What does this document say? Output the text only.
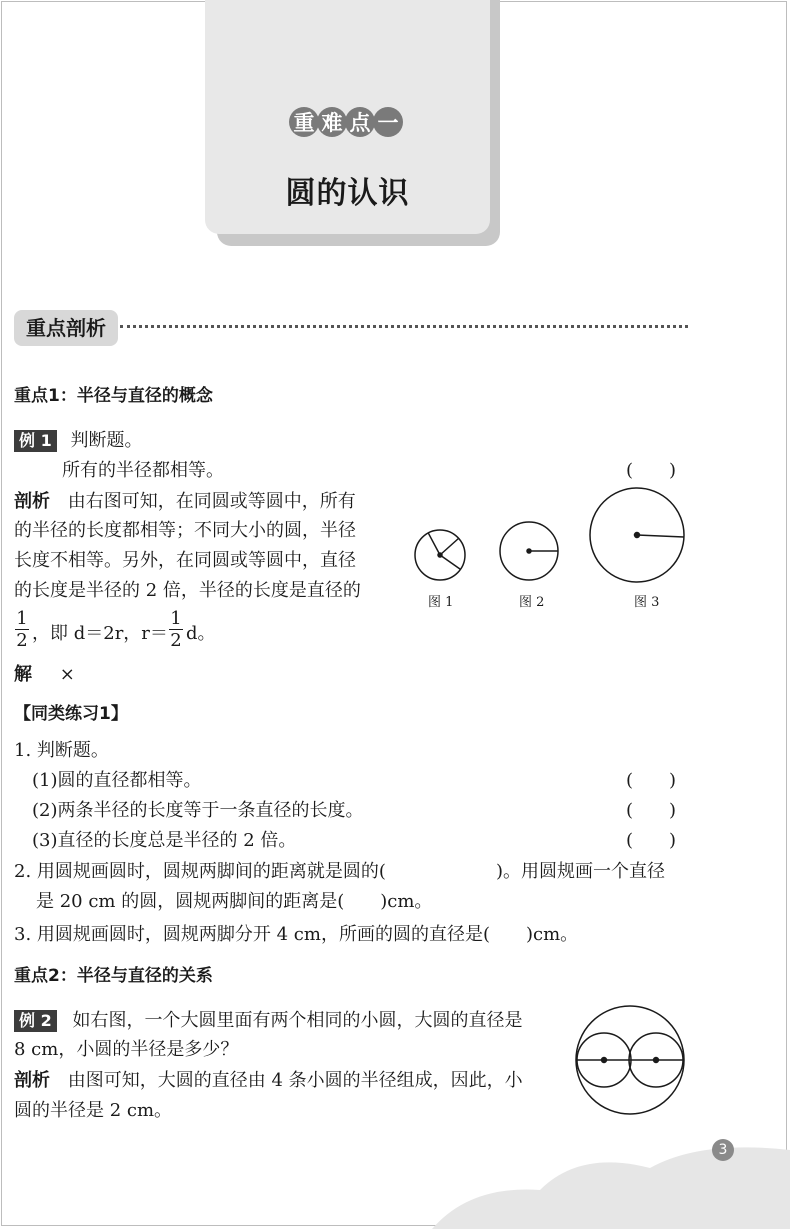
重 难 点 一
圆的认识
重点剖析
重点1：半径与直径的概念
例 1 判断题。
所有的半径都相等。	(　　)
剖析 由右图可知，在同圆或等圆中，所有
的半径的长度都相等；不同大小的圆，半径
长度不相等。另外，在同圆或等圆中，直径
的长度是半径的 2 倍，半径的长度是直径的
1
2 ，即 d＝2r，r＝
1
2 d。
解 ×
图 1	图 2	图 3
【同类练习1】
1. 判断题。
(1)圆的直径都相等。	(　　)
(2)两条半径的长度等于一条直径的长度。	(　　)
(3)直径的长度总是半径的 2 倍。	(　　)
2. 用圆规画圆时，圆规两脚间的距离就是圆的(	)。用圆规画一个直径
是 20 cm 的圆，圆规两脚间的距离是(　　)cm。
3. 用圆规画圆时，圆规两脚分开 4 cm，所画的圆的直径是(　　)cm。
重点2：半径与直径的关系
例 2 如右图，一个大圆里面有两个相同的小圆，大圆的直径是
8 cm，小圆的半径是多少？
剖析 由图可知，大圆的直径由 4 条小圆的半径组成，因此，小
圆的半径是 2 cm。
3
